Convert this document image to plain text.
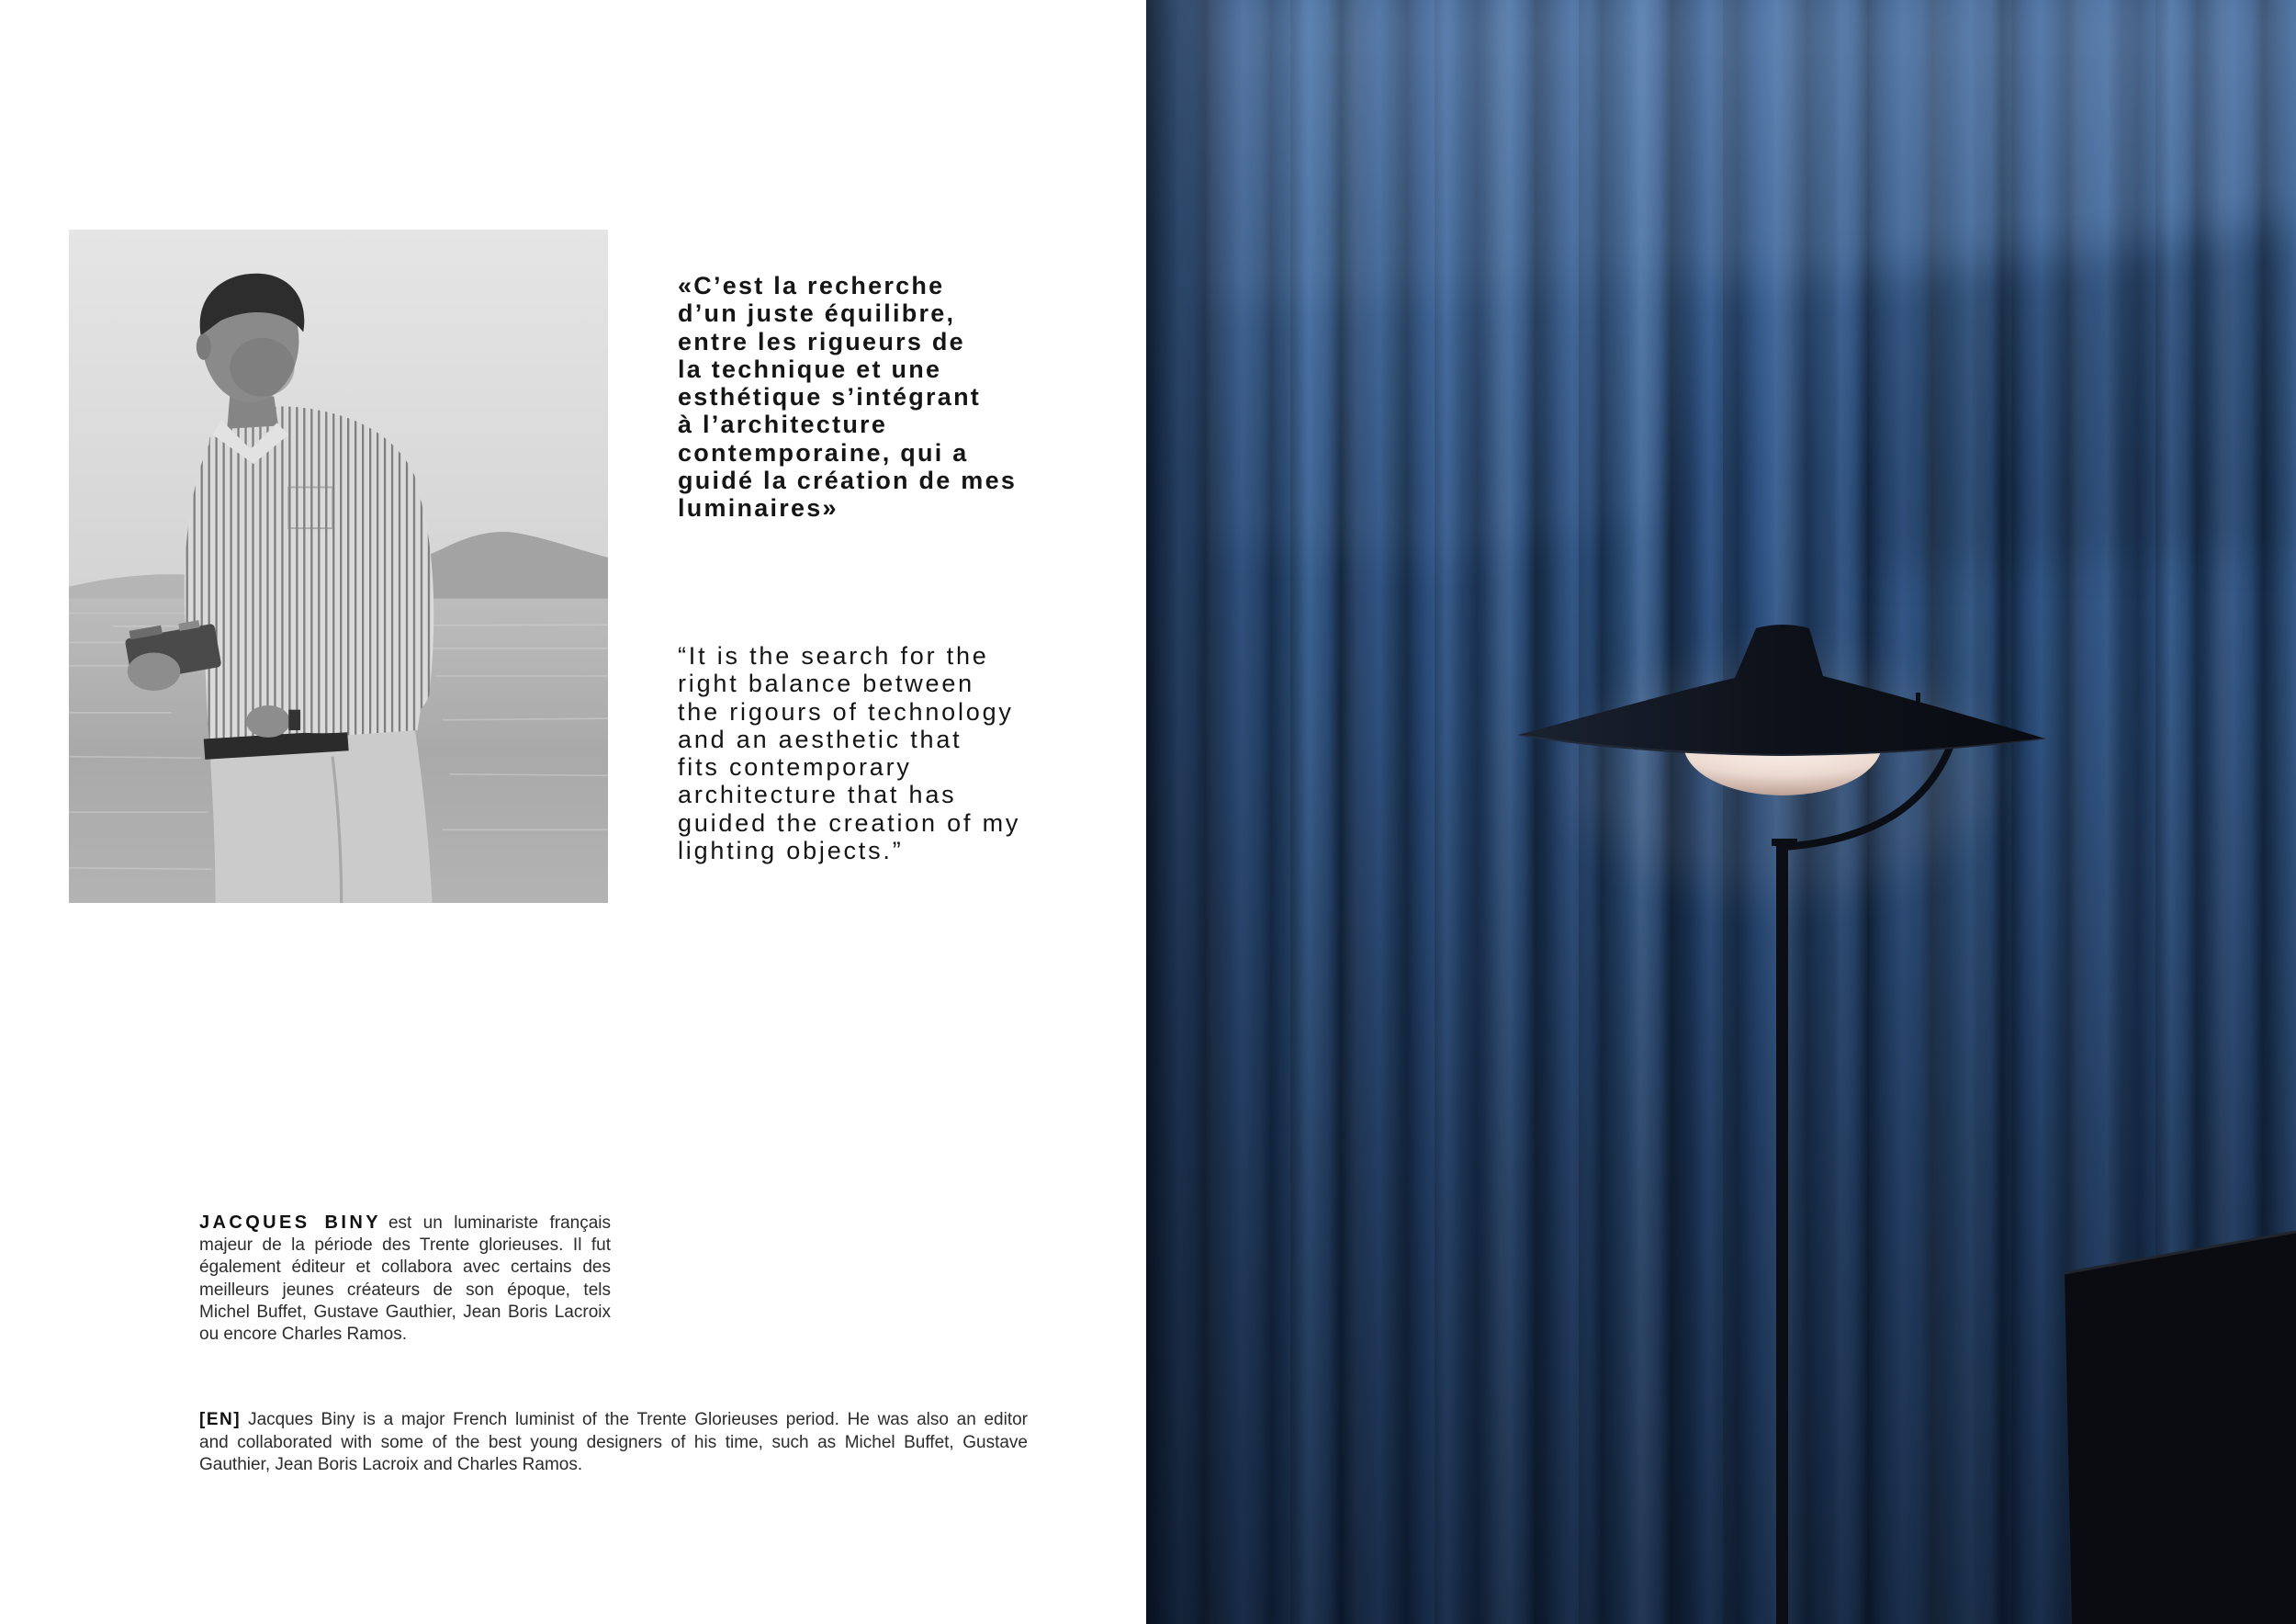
«C’est la recherche
d’un juste équilibre,
entre les rigueurs de
la technique et une
esthétique s’intégrant
à l’architecture
contemporaine, qui a
guidé la création de mes
luminaires»
“It is the search for the
right balance between
the rigours of technology
and an aesthetic that
fits contemporary
architecture that has
guided the creation of my
lighting objects.”
JACQUES BINY est un luminariste français
majeur de la période des Trente glorieuses. Il fut
également éditeur et collabora avec certains des
meilleurs jeunes créateurs de son époque, tels
Michel Buffet, Gustave Gauthier, Jean Boris Lacroix
ou encore Charles Ramos.
[EN] Jacques Biny is a major French luminist of the Trente Glorieuses period. He was also an editor
and collaborated with some of the best young designers of his time, such as Michel Buffet, Gustave
Gauthier, Jean Boris Lacroix and Charles Ramos.
